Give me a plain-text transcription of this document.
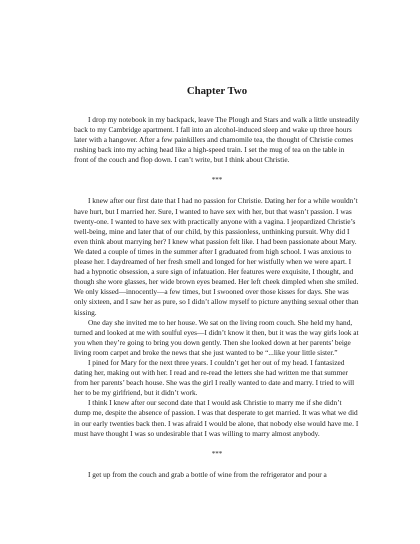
Chapter Two

I drop my notebook in my backpack, leave The Plough and Stars and walk a little unsteadily back to my Cambridge apartment. I fall into an alcohol-induced sleep and wake up three hours later with a hangover. After a few painkillers and chamomile tea, the thought of Christie comes rushing back into my aching head like a high-speed train. I set the mug of tea on the table in front of the couch and flop down. I can’t write, but I think about Christie.

***

I knew after our first date that I had no passion for Christie. Dating her for a while wouldn’t have hurt, but I married her. Sure, I wanted to have sex with her, but that wasn’t passion. I was twenty-one. I wanted to have sex with practically anyone with a vagina. I jeopardized Christie’s well-being, mine and later that of our child, by this passionless, unthinking pursuit. Why did I even think about marrying her? I knew what passion felt like. I had been passionate about Mary. We dated a couple of times in the summer after I graduated from high school. I was anxious to please her. I daydreamed of her fresh smell and longed for her wistfully when we were apart. I had a hypnotic obsession, a sure sign of infatuation. Her features were exquisite, I thought, and though she wore glasses, her wide brown eyes beamed. Her left cheek dimpled when she smiled. We only kissed—innocently—a few times, but I swooned over those kisses for days. She was only sixteen, and I saw her as pure, so I didn’t allow myself to picture anything sexual other than kissing.

One day she invited me to her house. We sat on the living room couch. She held my hand, turned and looked at me with soulful eyes—I didn’t know it then, but it was the way girls look at you when they’re going to bring you down gently. Then she looked down at her parents’ beige living room carpet and broke the news that she just wanted to be “...like your little sister.”

I pined for Mary for the next three years. I couldn’t get her out of my head. I fantasized dating her, making out with her. I read and re-read the letters she had written me that summer from her parents’ beach house. She was the girl I really wanted to date and marry. I tried to will her to be my girlfriend, but it didn’t work.

I think I knew after our second date that I would ask Christie to marry me if she didn’t dump me, despite the absence of passion. I was that desperate to get married. It was what we did in our early twenties back then. I was afraid I would be alone, that nobody else would have me. I must have thought I was so undesirable that I was willing to marry almost anybody.

***

I get up from the couch and grab a bottle of wine from the refrigerator and pour a
